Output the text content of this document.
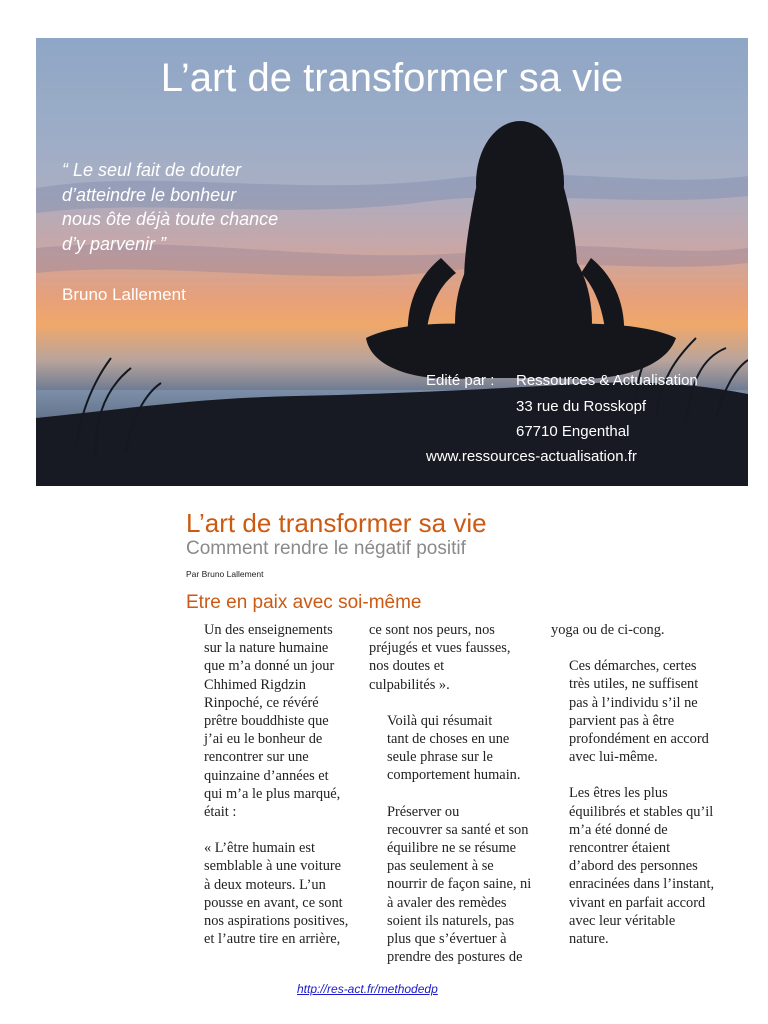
L’art de transformer sa vie
“ Le seul fait de douter
d’atteindre le bonheur
nous ôte déjà toute chance
d’y parvenir ”
Bruno Lallement
Edité par : Ressources & Actualisation
33 rue du Rosskopf
67710 Engenthal
www.ressources-actualisation.fr
L’art de transformer sa vie
Comment rendre le négatif positif
Par Bruno Lallement
Etre en paix avec soi-même

Un des enseignements
sur la nature humaine
que m’a donné un jour
Chhimed Rigdzin
Rinpoché, ce révéré
prêtre bouddhiste que
j’ai eu le bonheur de
rencontrer sur une
quinzaine d’années et
qui m’a le plus marqué,
était :

« L’être humain est
semblable à une voiture
à deux moteurs. L’un
pousse en avant, ce sont
nos aspirations positives,
et l’autre tire en arrière,

ce sont nos peurs, nos
préjugés et vues fausses,
nos doutes et
culpabilités ».

Voilà qui résumait
tant de choses en une
seule phrase sur le
comportement humain.

Préserver ou
recouvrer sa santé et son
équilibre ne se résume
pas seulement à se
nourrir de façon saine, ni
à avaler des remèdes
soient ils naturels, pas
plus que s’évertuer à
prendre des postures de

yoga ou de ci-cong.

Ces démarches, certes
très utiles, ne suffisent
pas à l’individu s’il ne
parvient pas à être
profondément en accord
avec lui-même.

Les êtres les plus
équilibrés et stables qu’il
m’a été donné de
rencontrer étaient
d’abord des personnes
enracinées dans l’instant,
vivant en parfait accord
avec leur véritable
nature.

http://res-act.fr/methodedp
